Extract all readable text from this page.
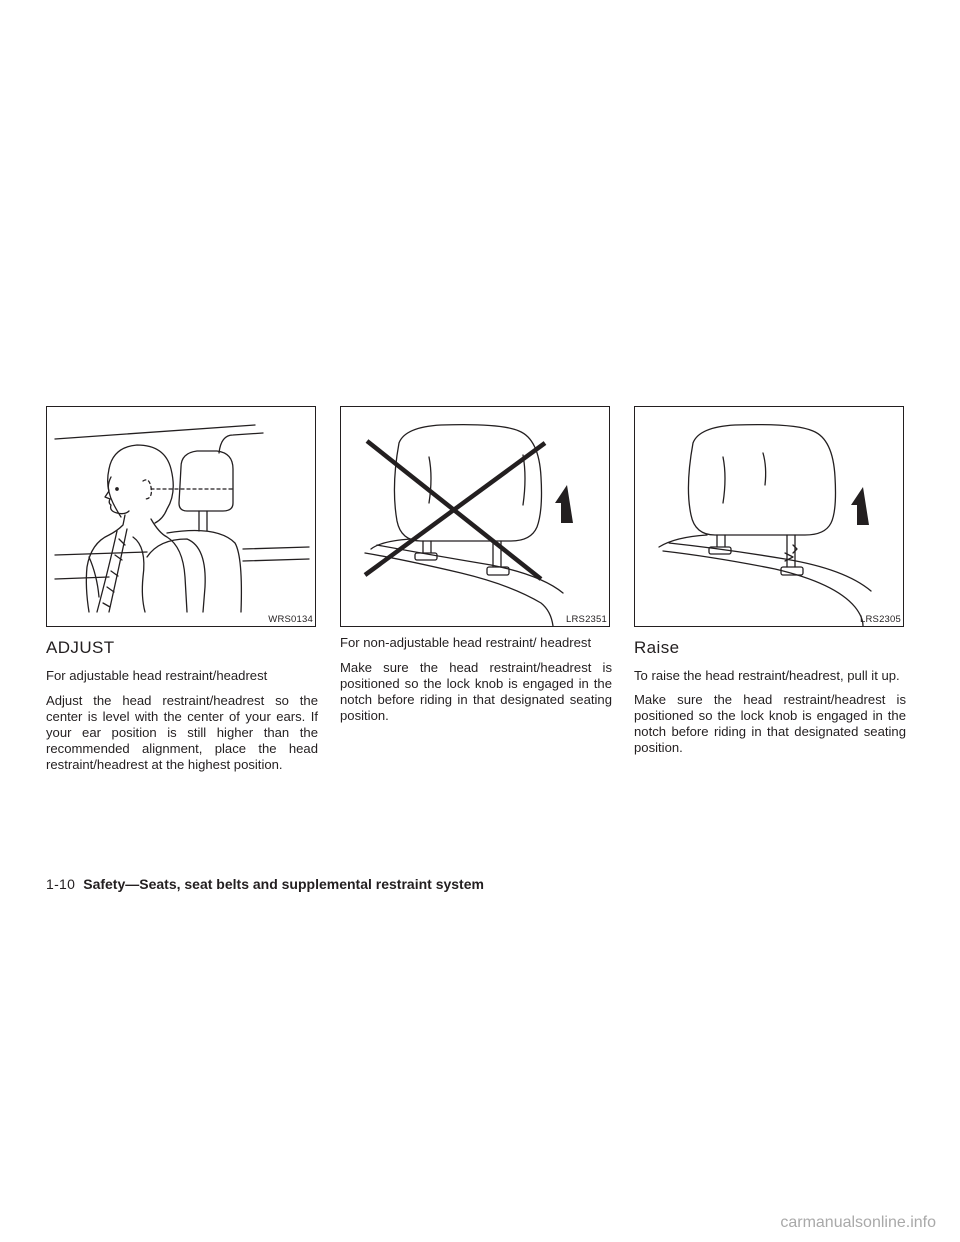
WRS0134	LRS2351	LRS2305
ADJUST

For adjustable head restraint/headrest

Adjust the head restraint/headrest so the center is level with the center of your ears. If your ear position is still higher than the recommended alignment, place the head restraint/headrest at the highest position.

For non-adjustable head restraint/ headrest

Make sure the head restraint/headrest is positioned so the lock knob is engaged in the notch before riding in that designated seating position.

Raise

To raise the head restraint/headrest, pull it up.

Make sure the head restraint/headrest is positioned so the lock knob is engaged in the notch before riding in that designated seating position.

1-10 Safety—Seats, seat belts and supplemental restraint system
carmanualsonline.info
